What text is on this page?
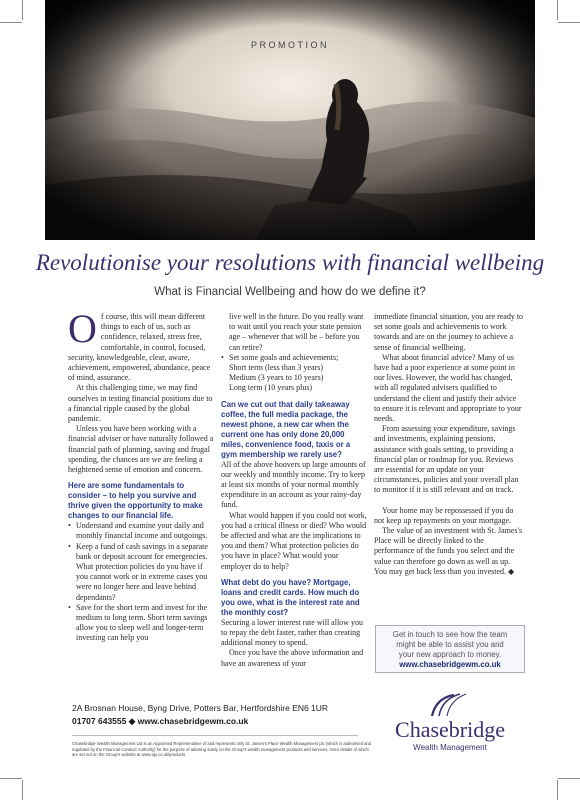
PROMOTION
Revolutionise your resolutions with financial wellbeing
What is Financial Wellbeing and how do we define it?

Of course, this will mean different things to each of us, such as confidence, relaxed, stress free, comfortable, in control, focused, security, knowledgeable, clear, aware, achievement, empowered, abundance, peace of mind, assurance.

At this challenging time, we may find ourselves in testing financial positions due to a financial ripple caused by the global pandemic.

Unless you have been working with a financial adviser or have naturally followed a financial path of planning, saving and frugal spending, the chances are we are feeling a heightened sense of emotion and concern.

Here are some fundamentals to consider – to help you survive and thrive given the opportunity to make changes to our financial life.

• Understand and examine your daily and monthly financial income and outgoings.
• Keep a fund of cash savings in a separate bank or deposit account for emergencies. What protection policies do you have if you cannot work or in extreme cases you were no longer here and leave behind dependants?
• Save for the short term and invest for the medium to long term. Short term savings allow you to sleep well and longer-term investing can help you

live well in the future. Do you really want to wait until you reach your state pension age – whenever that will be – before you can retire?

• Set some goals and achievements;

Short term (less than 3 years)

Medium (3 years to 10 years)

Long term (10 years plus)

Can we cut out that daily takeaway coffee, the full media package, the newest phone, a new car when the current one has only done 20,000 miles, convenience food, taxis or a gym membership we rarely use?

All of the above hoovers up large amounts of our weekly and monthly income. Try to keep at least six months of your normal monthly expenditure in an account as your rainy-day fund.

What would happen if you could not work, you had a critical illness or died? Who would be affected and what are the implications to you and them? What protection policies do you have in place? What would your employer do to help?

What debt do you have? Mortgage, loans and credit cards. How much do you owe, what is the interest rate and the monthly cost?

Securing a lower interest rate will allow you to repay the debt faster, rather than creating additional money to spend.

Once you have the above information and have an awareness of your

immediate financial situation, you are ready to set some goals and achievements to work towards and are on the journey to achieve a sense of financial wellbeing.

What about financial advice? Many of us have had a poor experience at some point in our lives. However, the world has changed, with all regulated advisers qualified to understand the client and justify their advice to ensure it is relevant and appropriate to your needs.

From assessing your expenditure, savings and investments, explaining pensions, assistance with goals setting, to providing a financial plan or roadmap for you. Reviews are essential for an update on your circumstances, policies and your overall plan to monitor if it is still relevant and on track.

Your home may be repossessed if you do not keep up repayments on your mortgage.

The value of an investment with St. James's Place will be directly linked to the performance of the funds you select and the value can therefore go down as well as up. You may get back less than you invested. ◆

Get in touch to see how the team
might be able to assist you and
your new approach to money.
www.chasebridgewm.co.uk
2A Brosnan House, Byng Drive, Potters Bar, Hertfordshire EN6 1UR
01707 643555 ◆ www.chasebridgewm.co.uk
Chasebridge Wealth Management Ltd is an Appointed Representative of and represents only St. James's Place Wealth Management plc (which is authorised and regulated by the Financial Conduct Authority) for the purpose of advising solely on the Group's wealth management products and services, more details of which are set out on the Group's website at www.sjp.co.uk/products
Chasebridge
Wealth Management
